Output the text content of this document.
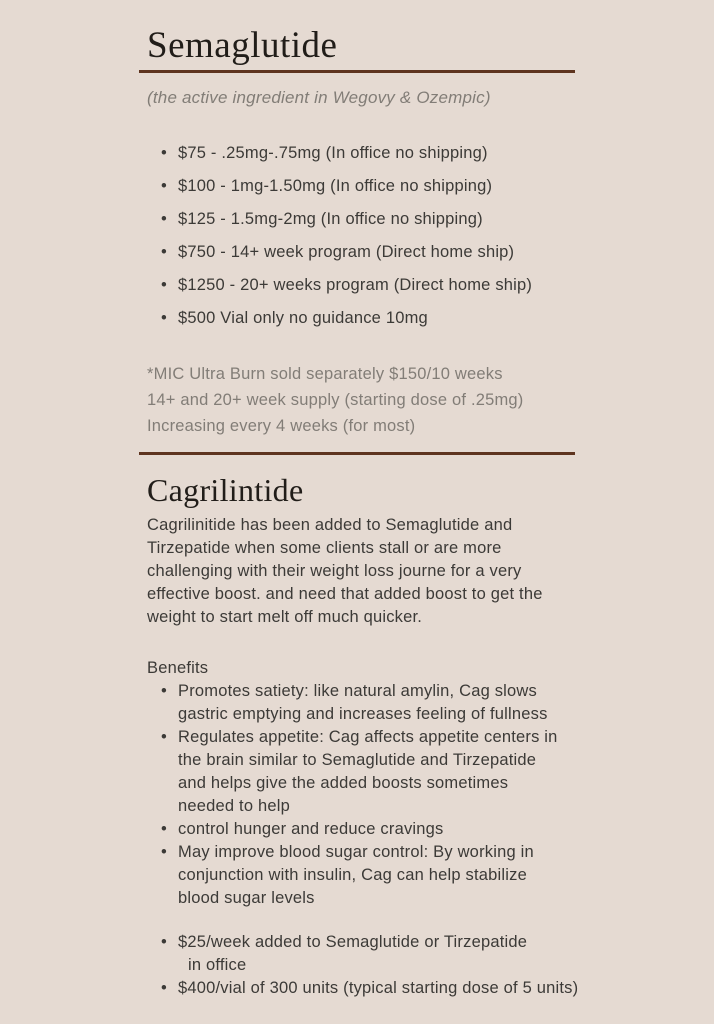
Semaglutide

(the active ingredient in Wegovy & Ozempic)

• $75 - .25mg-.75mg (In office no shipping)
• $100 - 1mg-1.50mg (In office no shipping)
• $125 - 1.5mg-2mg (In office no shipping)
• $750 - 14+ week program (Direct home ship)
• $1250 - 20+ weeks program (Direct home ship)
• $500 Vial only no guidance 10mg

*MIC Ultra Burn sold separately $150/10 weeks

14+ and 20+ week supply (starting dose of .25mg)

Increasing every 4 weeks (for most)

Cagrilintide

Cagrilinitide has been added to Semaglutide and Tirzepatide when some clients stall or are more challenging with their weight loss journe for a very effective boost. and need that added boost to get the weight to start melt off much quicker.

Benefits

• Promotes satiety: like natural amylin, Cag slows gastric emptying and increases feeling of fullness
• Regulates appetite: Cag affects appetite centers in the brain similar to Semaglutide and Tirzepatide and helps give the added boosts sometimes needed to help
• control hunger and reduce cravings
• May improve blood sugar control: By working in conjunction with insulin, Cag can help stabilize blood sugar levels
• $25/week added to Semaglutide or Tirzepatide
in office
• $400/vial of 300 units (typical starting dose of 5 units)
